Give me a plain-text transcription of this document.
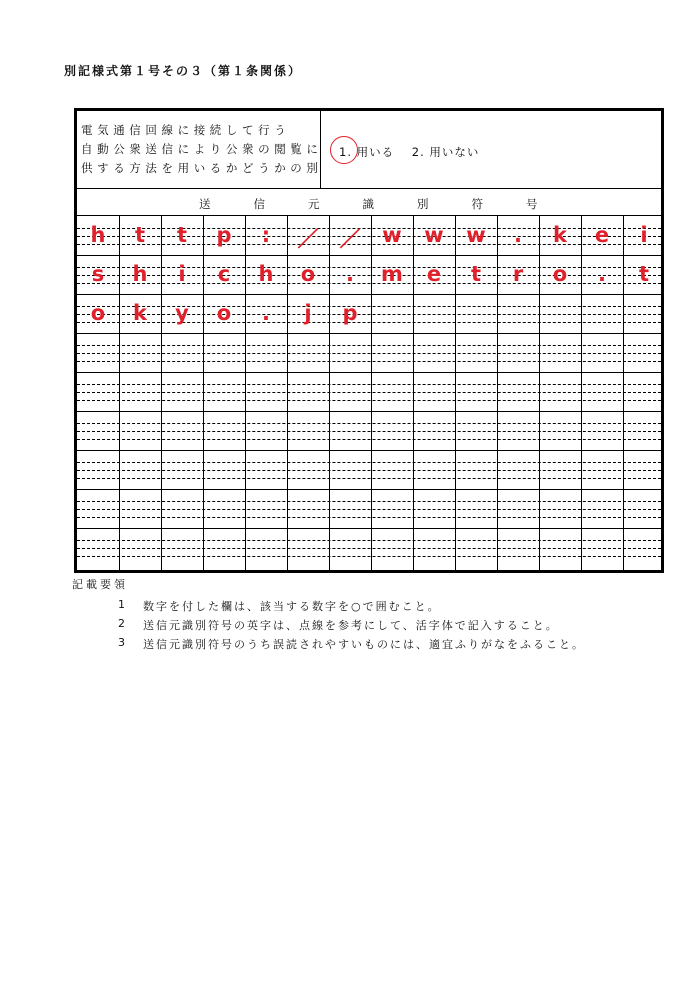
別記様式第１号その３（第１条関係）
電気通信回線に接続して行う
自動公衆送信により公衆の閲覧に
供する方法を用いるかどうかの別
1. 用いる 2. 用いない
送信元識別符号
h	t	t	p	:	／	／	w	w	w	.	k	e	i
s	h	i	c	h	o	.	m	e	t	r	o	.	t
o	k	y	o	.	j	p
記載要領
1 数字を付した欄は、該当する数字を○で囲むこと。
2 送信元識別符号の英字は、点線を参考にして、活字体で記入すること。
3 送信元識別符号のうち誤読されやすいものには、適宜ふりがなをふること。
